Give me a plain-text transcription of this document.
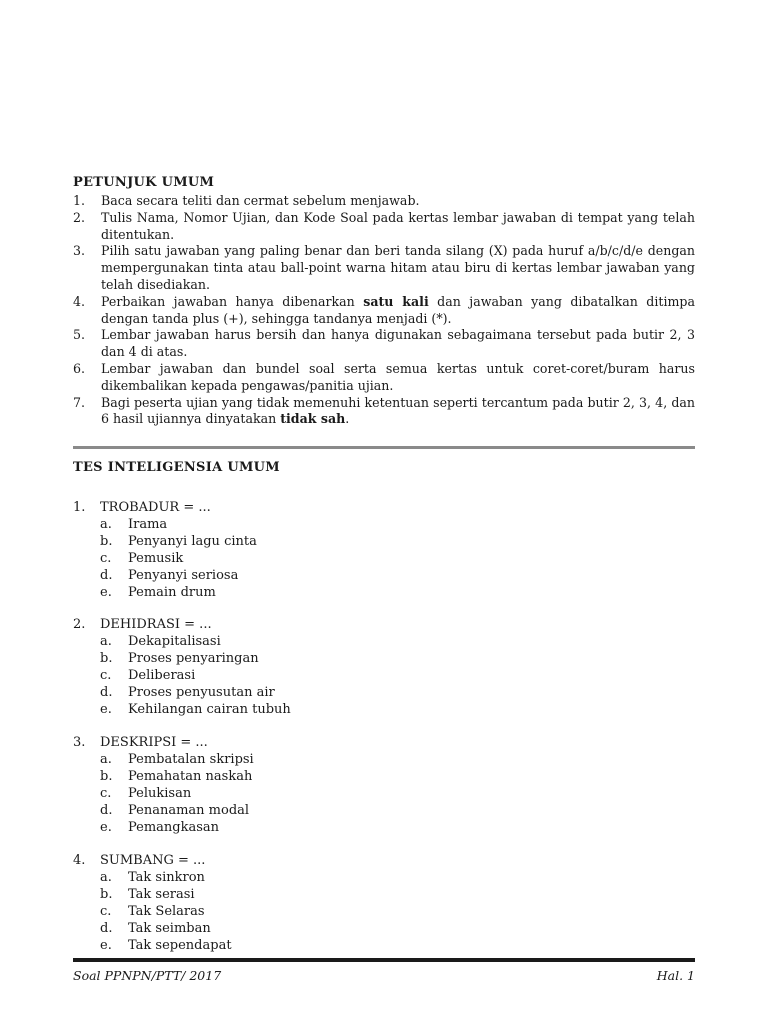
PETUNJUK UMUM
1. Baca secara teliti dan cermat sebelum menjawab.
2. Tulis Nama, Nomor Ujian, dan Kode Soal pada kertas lembar jawaban di tempat yang telah ditentukan.
3. Pilih satu jawaban yang paling benar dan beri tanda silang (X) pada huruf a/b/c/d/e dengan mempergunakan tinta atau ball-point warna hitam atau biru di kertas lembar jawaban yang telah disediakan.
4. Perbaikan jawaban hanya dibenarkan satu kali dan jawaban yang dibatalkan ditimpa dengan tanda plus (+), sehingga tandanya menjadi (*).
5. Lembar jawaban harus bersih dan hanya digunakan sebagaimana tersebut pada butir 2, 3 dan 4 di atas.
6. Lembar jawaban dan bundel soal serta semua kertas untuk coret-coret/buram harus dikembalikan kepada pengawas/panitia ujian.
7. Bagi peserta ujian yang tidak memenuhi ketentuan seperti tercantum pada butir 2, 3, 4, dan 6 hasil ujiannya dinyatakan tidak sah.
TES INTELIGENSIA UMUM
1. TROBADUR = ...
a. Irama
b. Penyanyi lagu cinta
c. Pemusik
d. Penyanyi seriosa
e. Pemain drum
2. DEHIDRASI = ...
a. Dekapitalisasi
b. Proses penyaringan
c. Deliberasi
d. Proses penyusutan air
e. Kehilangan cairan tubuh
3. DESKRIPSI = ...
a. Pembatalan skripsi
b. Pemahatan naskah
c. Pelukisan
d. Penanaman modal
e. Pemangkasan
4. SUMBANG = ...
a. Tak sinkron
b. Tak serasi
c. Tak Selaras
d. Tak seimban
e. Tak sependapat
Soal PPNPN/PTT/ 2017	Hal. 1
